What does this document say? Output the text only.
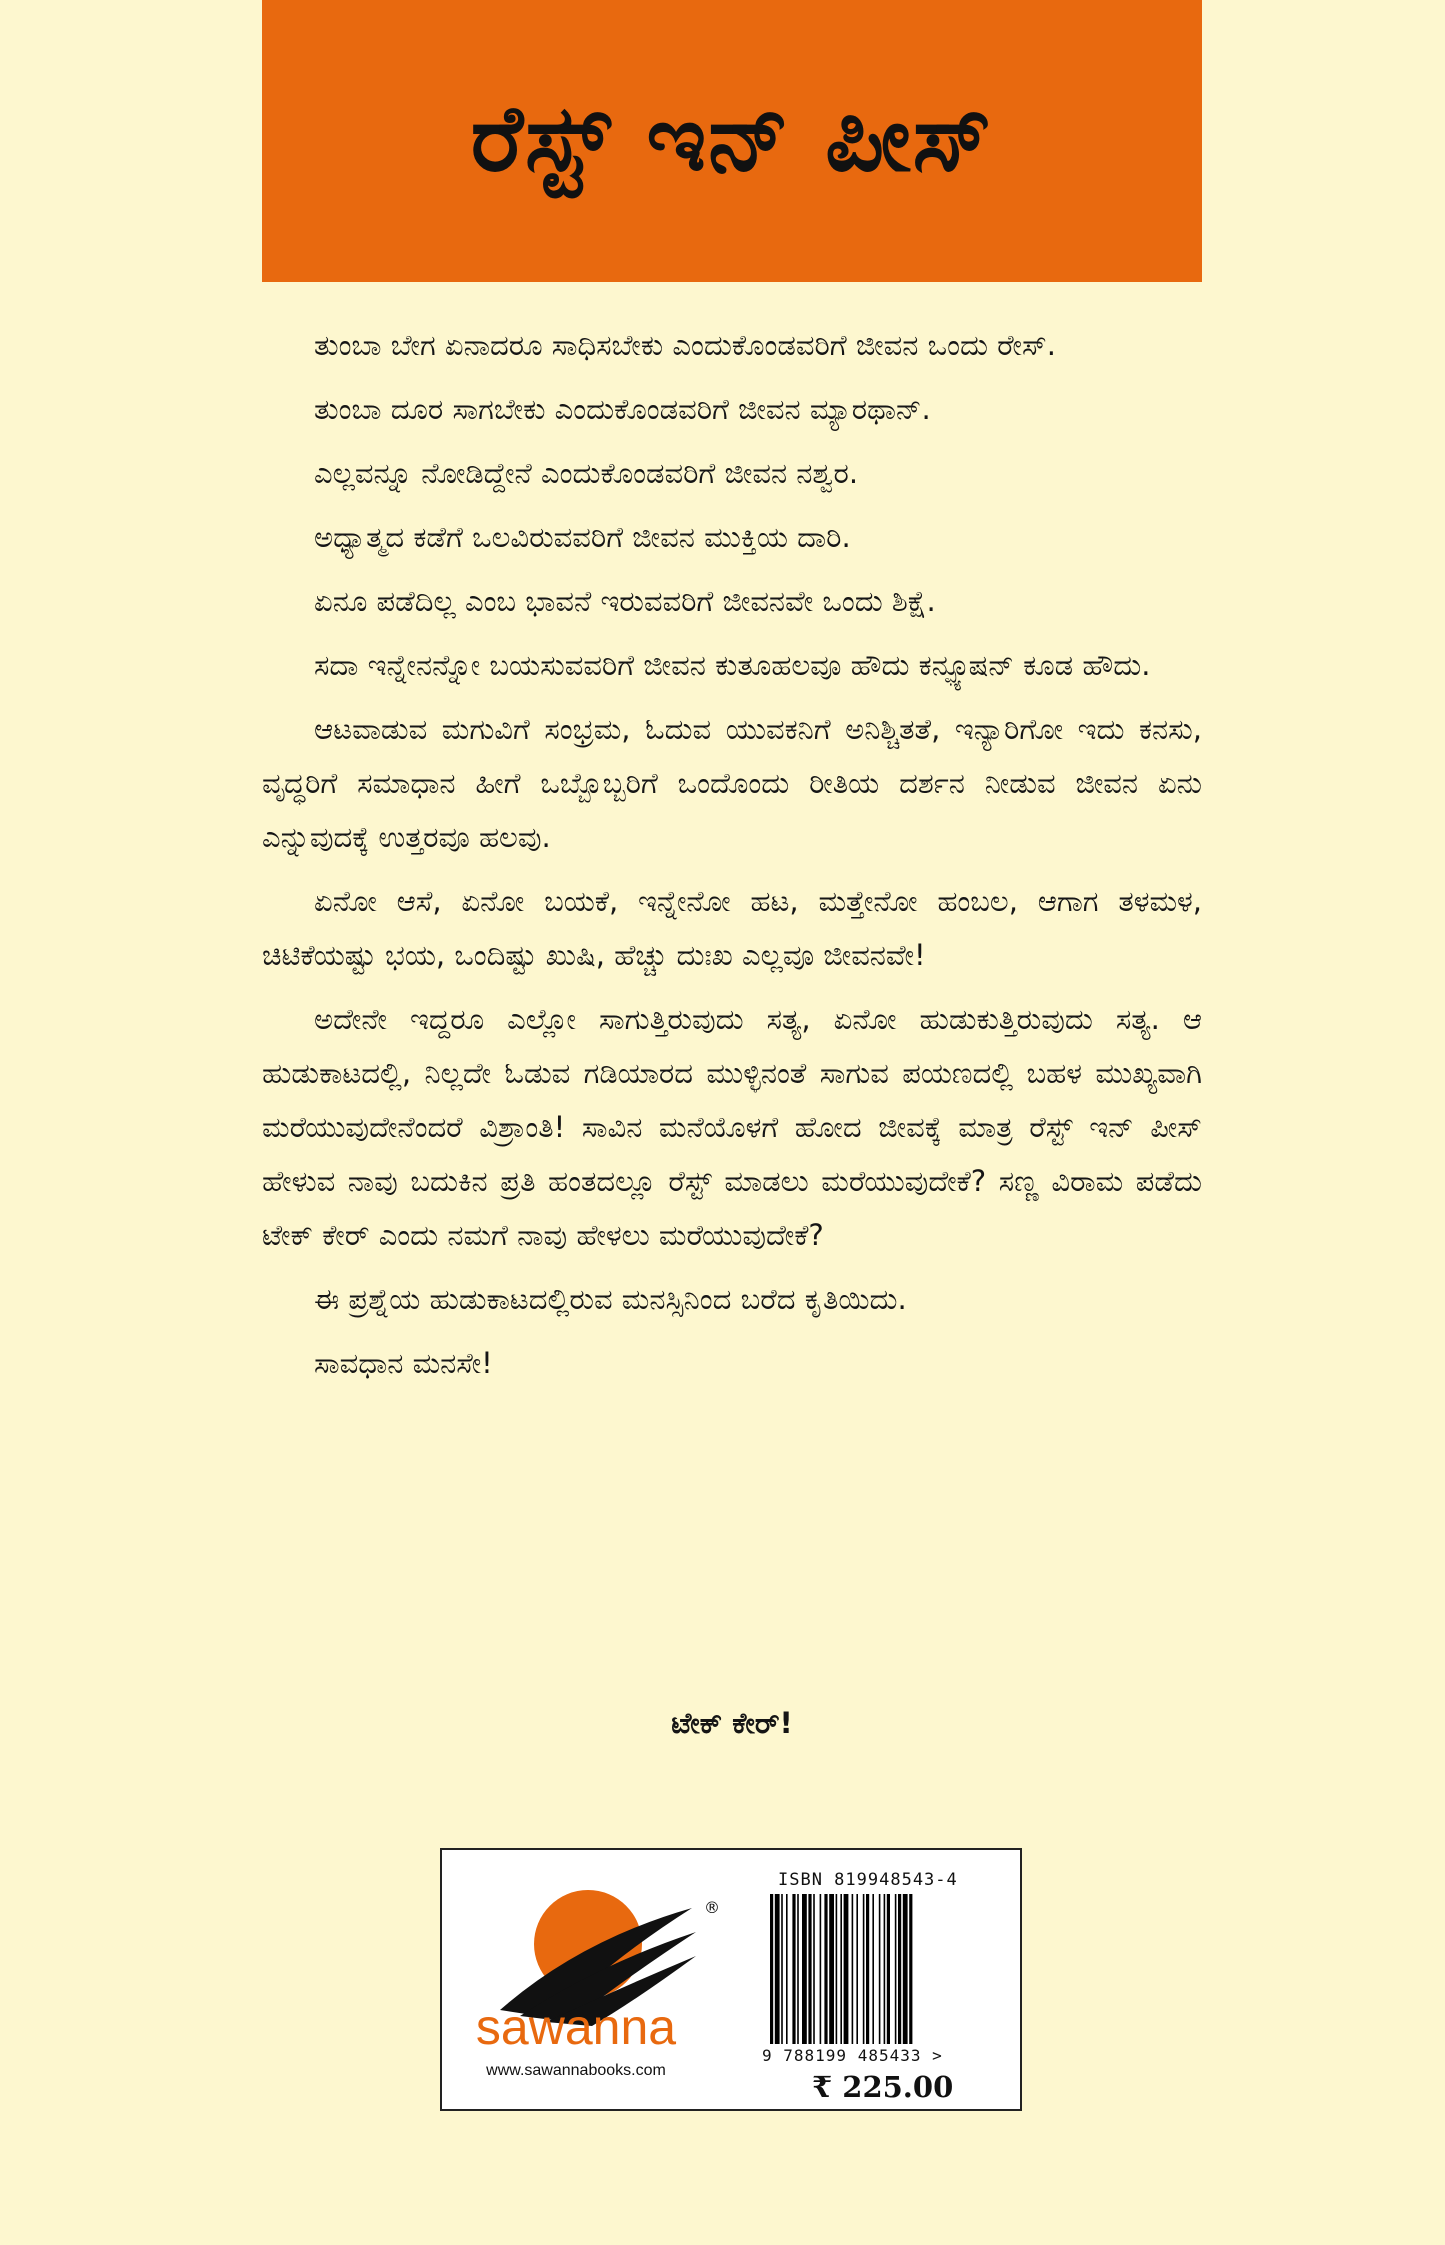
ರೆಸ್ಟ್ ಇನ್ ಪೀಸ್

ತುಂಬಾ ಬೇಗ ಏನಾದರೂ ಸಾಧಿಸಬೇಕು ಎಂದುಕೊಂಡವರಿಗೆ ಜೀವನ ಒಂದು ರೇಸ್.

ತುಂಬಾ ದೂರ ಸಾಗಬೇಕು ಎಂದುಕೊಂಡವರಿಗೆ ಜೀವನ ಮ್ಯಾರಥಾನ್.

ಎಲ್ಲವನ್ನೂ ನೋಡಿದ್ದೇನೆ ಎಂದುಕೊಂಡವರಿಗೆ ಜೀವನ ನಶ್ವರ.

ಅಧ್ಯಾತ್ಮದ ಕಡೆಗೆ ಒಲವಿರುವವರಿಗೆ ಜೀವನ ಮುಕ್ತಿಯ ದಾರಿ.

ಏನೂ ಪಡೆದಿಲ್ಲ ಎಂಬ ಭಾವನೆ ಇರುವವರಿಗೆ ಜೀವನವೇ ಒಂದು ಶಿಕ್ಷೆ.

ಸದಾ ಇನ್ನೇನನ್ನೋ ಬಯಸುವವರಿಗೆ ಜೀವನ ಕುತೂಹಲವೂ ಹೌದು ಕನ್ಫ್ಯೂಷನ್ ಕೂಡ ಹೌದು.

ಆಟವಾಡುವ ಮಗುವಿಗೆ ಸಂಭ್ರಮ, ಓದುವ ಯುವಕನಿಗೆ ಅನಿಶ್ಚಿತತೆ, ಇನ್ಯಾರಿಗೋ ಇದು ಕನಸು, ವೃದ್ಧರಿಗೆ ಸಮಾಧಾನ ಹೀಗೆ ಒಬ್ಬೊಬ್ಬರಿಗೆ ಒಂದೊಂದು ರೀತಿಯ ದರ್ಶನ ನೀಡುವ ಜೀವನ ಏನು ಎನ್ನುವುದಕ್ಕೆ ಉತ್ತರವೂ ಹಲವು.

ಏನೋ ಆಸೆ, ಏನೋ ಬಯಕೆ, ಇನ್ನೇನೋ ಹಟ, ಮತ್ತೇನೋ ಹಂಬಲ, ಆಗಾಗ ತಳಮಳ, ಚಿಟಿಕೆಯಷ್ಟು ಭಯ, ಒಂದಿಷ್ಟು ಖುಷಿ, ಹೆಚ್ಚು ದುಃಖ ಎಲ್ಲವೂ ಜೀವನವೇ!

ಅದೇನೇ ಇದ್ದರೂ ಎಲ್ಲೋ ಸಾಗುತ್ತಿರುವುದು ಸತ್ಯ, ಏನೋ ಹುಡುಕುತ್ತಿರುವುದು ಸತ್ಯ. ಆ ಹುಡುಕಾಟದಲ್ಲಿ, ನಿಲ್ಲದೇ ಓಡುವ ಗಡಿಯಾರದ ಮುಳ್ಳಿನಂತೆ ಸಾಗುವ ಪಯಣದಲ್ಲಿ ಬಹಳ ಮುಖ್ಯವಾಗಿ ಮರೆಯುವುದೇನೆಂದರೆ ವಿಶ್ರಾಂತಿ! ಸಾವಿನ ಮನೆಯೊಳಗೆ ಹೋದ ಜೀವಕ್ಕೆ ಮಾತ್ರ ರೆಸ್ಟ್ ಇನ್ ಪೀಸ್ ಹೇಳುವ ನಾವು ಬದುಕಿನ ಪ್ರತಿ ಹಂತದಲ್ಲೂ ರೆಸ್ಟ್ ಮಾಡಲು ಮರೆಯುವುದೇಕೆ? ಸಣ್ಣ ವಿರಾಮ ಪಡೆದು ಟೇಕ್ ಕೇರ್ ಎಂದು ನಮಗೆ ನಾವು ಹೇಳಲು ಮರೆಯುವುದೇಕೆ?

ಈ ಪ್ರಶ್ನೆಯ ಹುಡುಕಾಟದಲ್ಲಿರುವ ಮನಸ್ಸಿನಿಂದ ಬರೆದ ಕೃತಿಯಿದು.

ಸಾವಧಾನ ಮನಸೇ!

ಟೇಕ್ ಕೇರ್!
®
sawanna
www.sawannabooks.com
ISBN 819948543-4
9 788199 485433 >
₹ 225.00
